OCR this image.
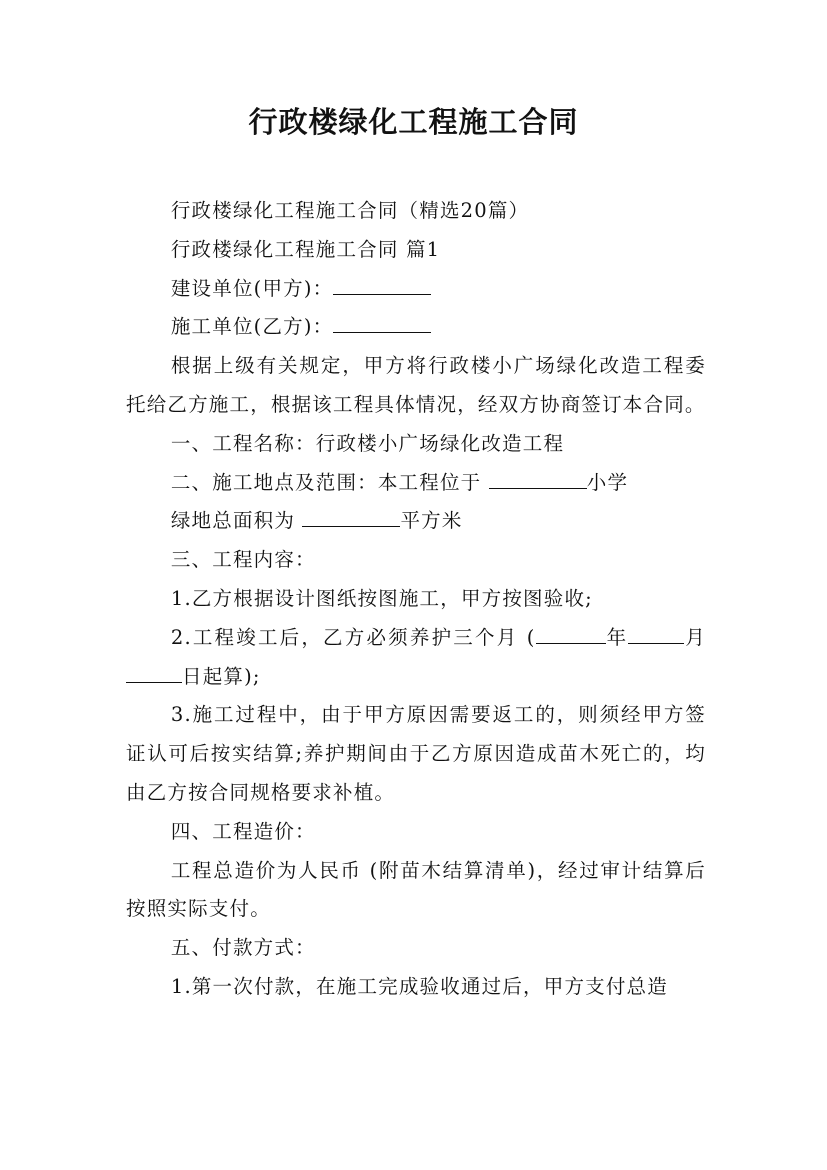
行政楼绿化工程施工合同

行政楼绿化工程施工合同（精选20篇）

行政楼绿化工程施工合同 篇1

建设单位(甲方)：

施工单位(乙方)：

根据上级有关规定，甲方将行政楼小广场绿化改造工程委托给乙方施工，根据该工程具体情况，经双方协商签订本合同。

一、工程名称：行政楼小广场绿化改造工程

二、施工地点及范围：本工程位于	小学

绿地总面积为	平方米

三、工程内容：

1.乙方根据设计图纸按图施工，甲方按图验收;

2.工程竣工后，乙方必须养护三个月 (	年	月日起算);

3.施工过程中，由于甲方原因需要返工的，则须经甲方签证认可后按实结算;养护期间由于乙方原因造成苗木死亡的，均由乙方按合同规格要求补植。

四、工程造价：

工程总造价为人民币 (附苗木结算清单)，经过审计结算后按照实际支付。

五、付款方式：

1.第一次付款，在施工完成验收通过后，甲方支付总造
